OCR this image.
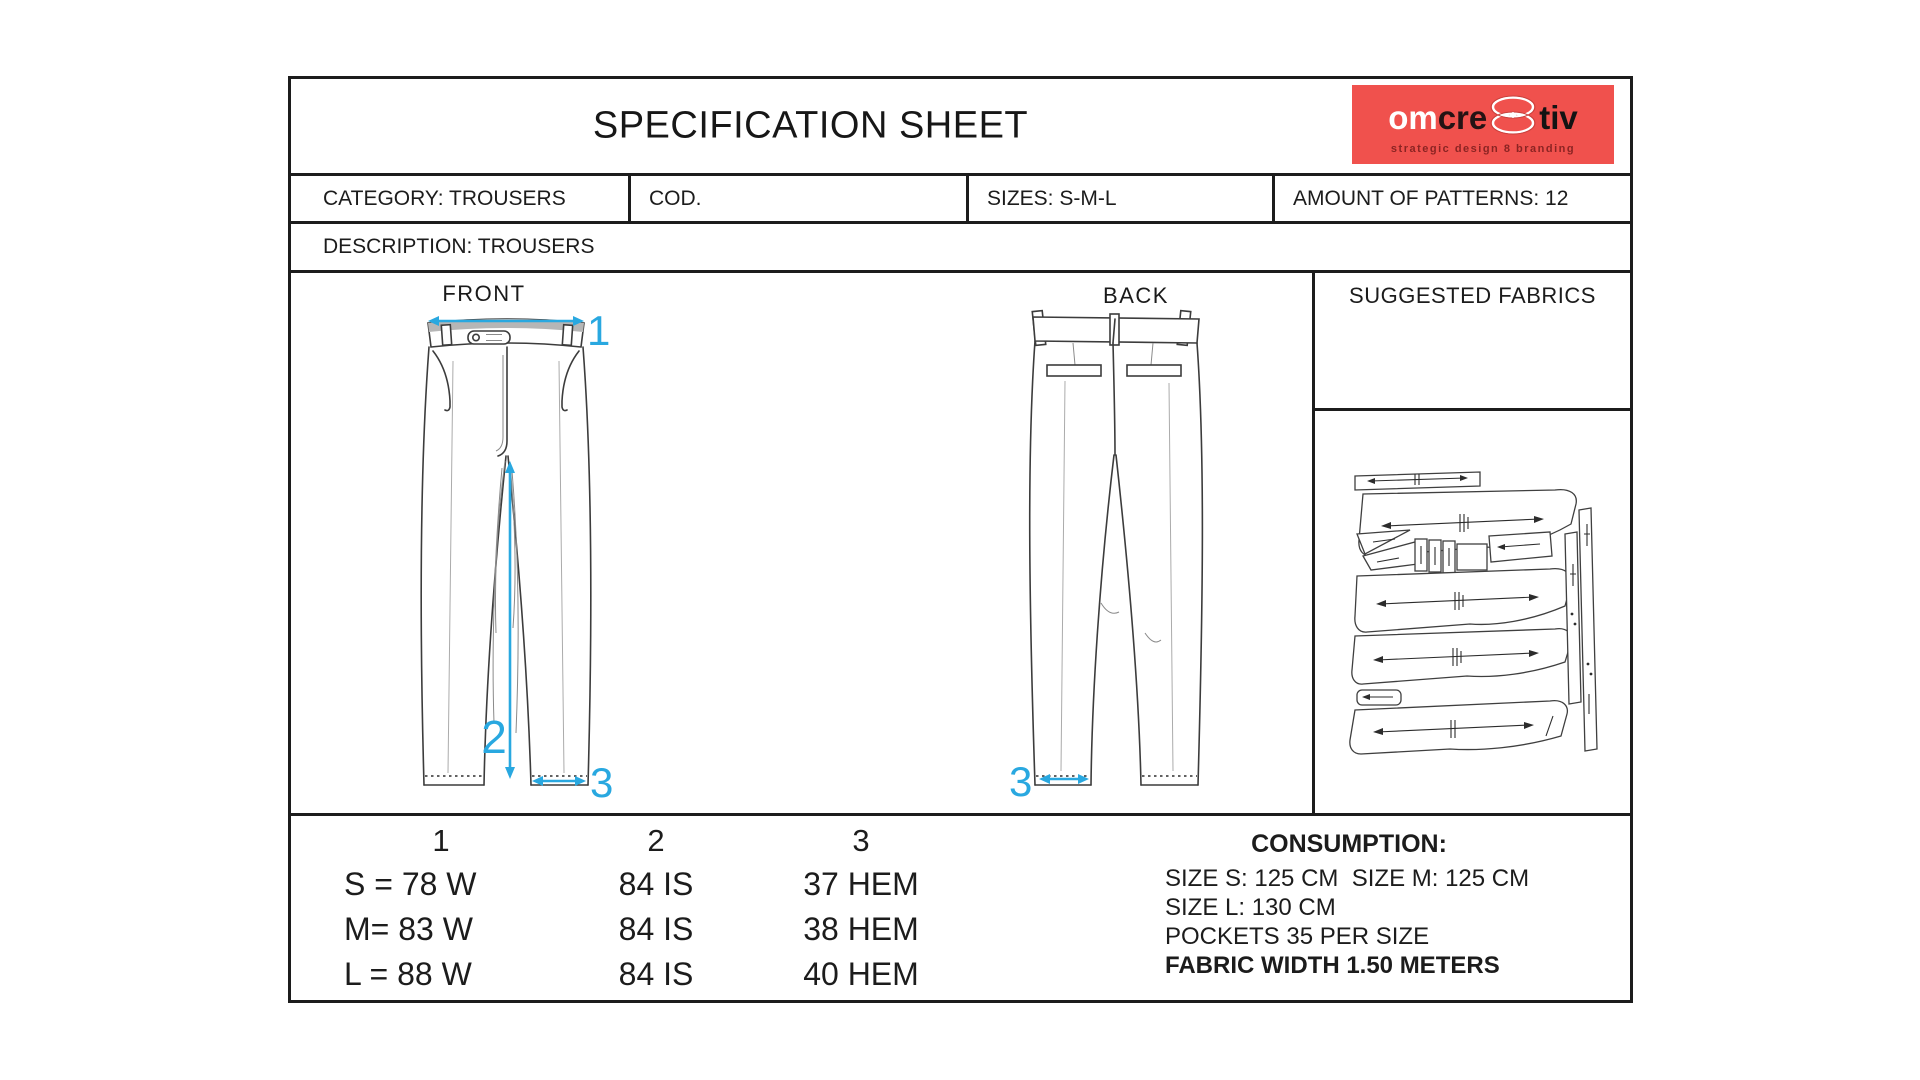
SPECIFICATION SHEET	om cre tiv
strategic design 8 branding
CATEGORY: TROUSERS	COD.	SIZES: S-M-L	AMOUNT OF PATTERNS: 12
DESCRIPTION: TROUSERS
FRONT	BACK
1
2
3	3
SUGGESTED FABRICS
1	2	3
S = 78 W	84 IS	37 HEM
M= 83 W	84 IS	38 HEM
L = 88 W	84 IS	40 HEM
CONSUMPTION:
SIZE S: 125 CM  SIZE M: 125 CM
SIZE L: 130 CM
POCKETS 35 PER SIZE
FABRIC WIDTH 1.50 METERS
